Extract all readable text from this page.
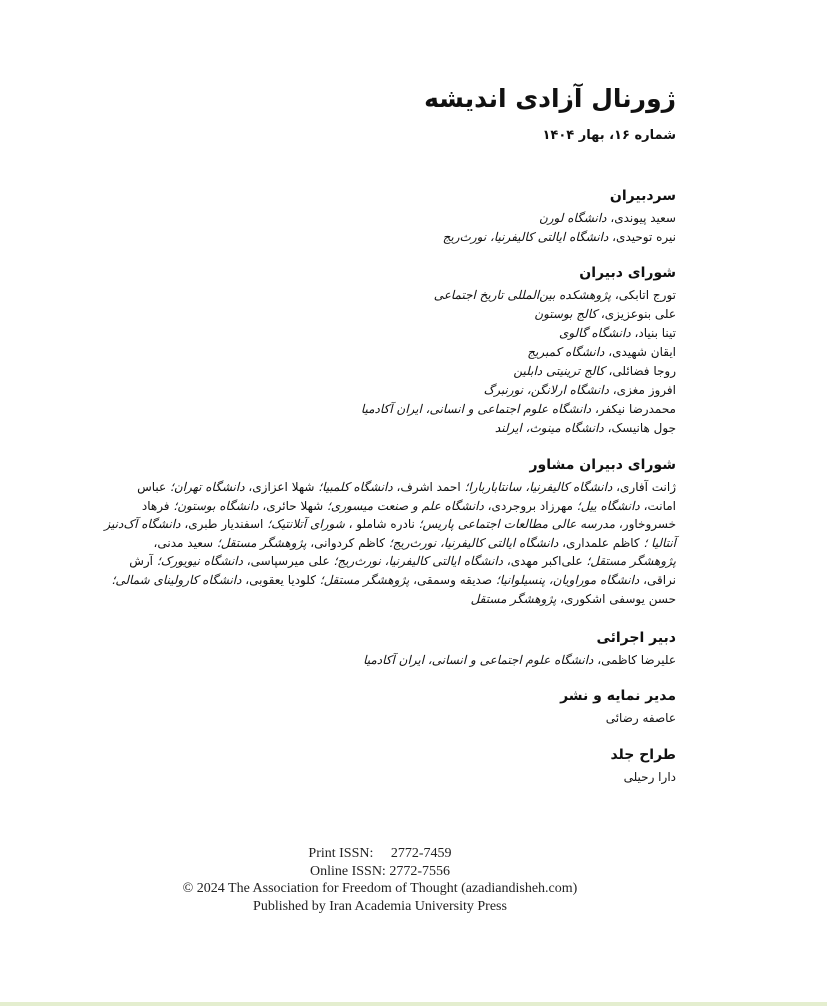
ژورنال آزادی اندیشه
شماره ۱۶، بهار ۱۴۰۴
سردبیران
سعید پیوندی، دانشگاه لورن
نیره توحیدی، دانشگاه ایالتی کالیفرنیا، نورث‌ریج
شورای دبیران
تورج اتابکی، پژوهشکده بین‌المللی تاریخ اجتماعی
علی بنوعزیزی، کالج بوستون
تینا بنیاد، دانشگاه گالوی
ایقان شهیدی، دانشگاه کمبریج
روجا فضائلی، کالج ترینیتی دابلین
افروز مغزی، دانشگاه ارلانگن، نورنبرگ
محمدرضا نیکفر، دانشگاه علوم اجتماعی و انسانی، ایران آکادمیا
جول هانیسک، دانشگاه مینوث، ایرلند
شورای دبیران مشاور

ژانت آفاری، دانشگاه کالیفرنیا، سانتاباربارا؛ احمد اشرف، دانشگاه کلمبیا؛ شهلا اعزازی، دانشگاه تهران؛ عباس امانت، دانشگاه ییل؛ مهرزاد بروجردی، دانشگاه علم و صنعت میسوری؛ شهلا حائری، دانشگاه بوستون؛ فرهاد خسروخاور، مدرسه عالی مطالعات اجتماعی پاریس؛ نادره شاملو ، شورای آتلانتیک؛ اسفندیار طبری، دانشگاه آک‌دنیز آنتالیا ؛ کاظم علمداری، دانشگاه ایالتی کالیفرنیا، نورث‌ریج؛ کاظم کردوانی، پژوهشگر مستقل؛ سعید مدنی، پژوهشگر مستقل؛ علی‌اکبر مهدی، دانشگاه ایالتی کالیفرنیا، نورث‌ریج؛ علی میرسپاسی، دانشگاه نیویورک؛ آرش نراقی، دانشگاه موراویان، پنسیلوانیا؛ صدیقه وسمقی، پژوهشگر مستقل؛ کلودیا یعقوبی، دانشگاه کارولینای شمالی؛ حسن یوسفی اشکوری، پژوهشگر مستقل

دبیر اجرائی
علیرضا کاظمی، دانشگاه علوم اجتماعی و انسانی، ایران آکادمیا
مدیر نمایه و نشر
عاصفه رضائی
طراح جلد
دارا رحیلی
Print ISSN: 2772-7459
Online ISSN: 2772-7556
© 2024 The Association for Freedom of Thought (azadiandisheh.com)
Published by Iran Academia University Press
